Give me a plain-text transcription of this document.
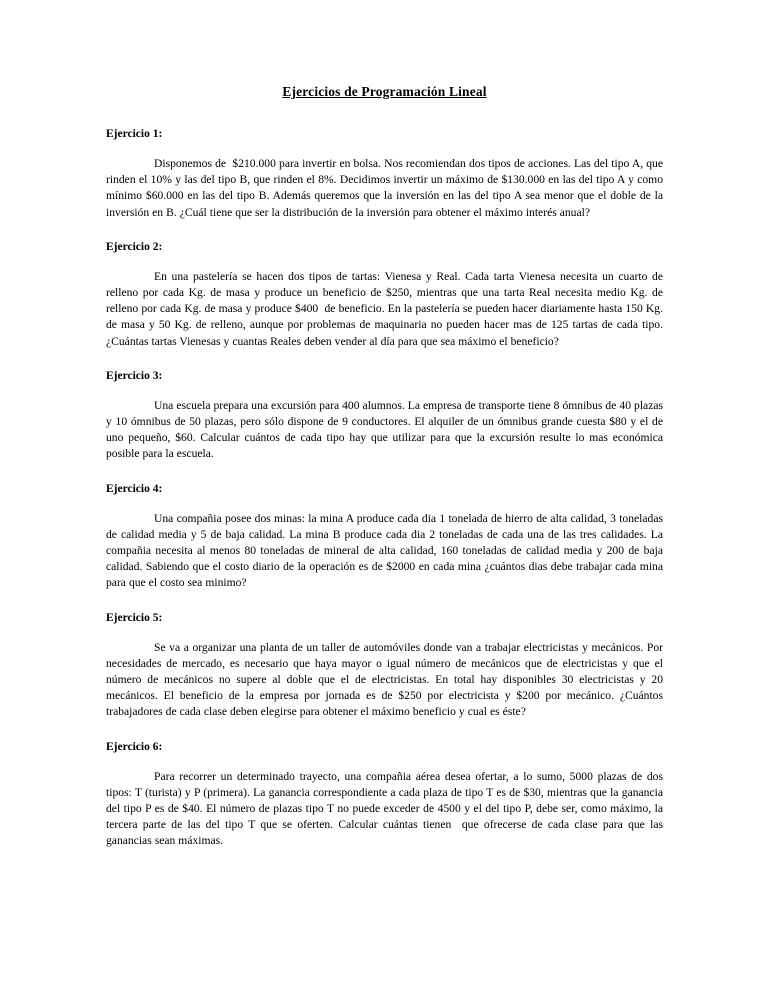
Ejercicios de Programación Lineal
Ejercicio 1:

Disponemos de  $210.000 para invertir en bolsa. Nos recomiendan dos tipos de acciones. Las del tipo A, que rinden el 10% y las del tipo B, que rinden el 8%. Decidimos invertir un máximo de $130.000 en las del tipo A y como mínimo $60.000 en las del tipo B. Además queremos que la inversión en las del tipo A sea menor que el doble de la inversión en B. ¿Cuál tiene que ser la distribución de la inversión para obtener el máximo interés anual?

Ejercicio 2:

En una pastelería se hacen dos tipos de tartas: Vienesa y Real. Cada tarta Vienesa necesita un cuarto de relleno por cada Kg. de masa y produce un beneficio de $250, mientras que una tarta Real necesita medio Kg. de relleno por cada Kg. de masa y produce $400  de beneficio. En la pastelería se pueden hacer diariamente hasta 150 Kg. de masa y 50 Kg. de relleno, aunque por problemas de maquinaria no pueden hacer mas de 125 tartas de cada tipo. ¿Cuántas tartas Vienesas y cuantas Reales deben vender al día para que sea máximo el beneficio?

Ejercicio 3:

Una escuela prepara una excursión para 400 alumnos. La empresa de transporte tiene 8 ómnibus de 40 plazas y 10 ómnibus de 50 plazas, pero sólo dispone de 9 conductores. El alquiler de un ómnibus grande cuesta $80 y el de uno pequeño, $60. Calcular cuántos de cada tipo hay que utilizar para que la excursión resulte lo mas económica posible para la escuela.

Ejercicio 4:

Una compañia posee dos minas: la mina A produce cada dia 1 tonelada de hierro de alta calidad, 3 toneladas de calidad media y 5 de baja calidad. La mina B produce cada dia 2 toneladas de cada una de las tres calidades. La compañia necesita al menos 80 toneladas de mineral de alta calidad, 160 toneladas de calidad media y 200 de baja calidad. Sabiendo que el costo diario de la operación es de $2000 en cada mina ¿cuántos dias debe trabajar cada mina  para que el costo sea minimo?

Ejercicio 5:

Se va a organizar una planta de un taller de automóviles donde van a trabajar electricistas y mecánicos. Por necesidades de mercado, es necesario que haya mayor o igual número de mecánicos que de electricistas y que el número de mecánicos no supere al doble que el de electricistas. En total hay disponibles 30 electricistas y 20 mecánicos. El beneficio de la empresa por jornada es de $250 por electricista y $200 por mecánico. ¿Cuántos trabajadores de cada clase deben elegirse para obtener el máximo beneficio y cual es éste?

Ejercicio 6:

Para recorrer un determinado trayecto, una compañia aérea desea ofertar, a lo sumo, 5000 plazas de dos tipos: T (turista) y P (primera). La ganancia correspondiente a cada plaza de tipo T es de $30, mientras que la ganancia del tipo P es de $40. El número de plazas tipo T no puede exceder de 4500 y el del tipo P, debe ser, como máximo, la tercera parte de las del tipo T que se oferten. Calcular cuántas tienen  que ofrecerse de cada clase para que las ganancias sean máximas.
